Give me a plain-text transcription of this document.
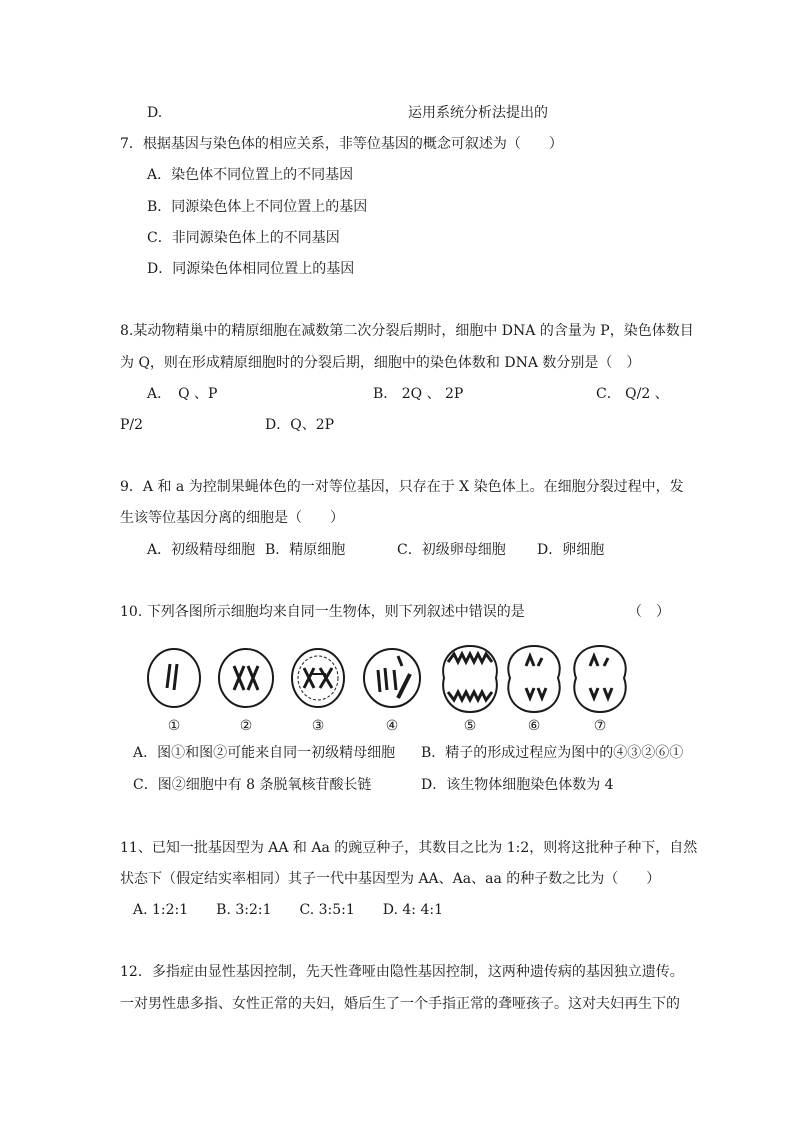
D.	运用系统分析法提出的
7．根据基因与染色体的相应关系，非等位基因的概念可叙述为（　　）
A．染色体不同位置上的不同基因
B．同源染色体上不同位置上的基因
C．非同源染色体上的不同基因
D．同源染色体相同位置上的基因
8.某动物精巢中的精原细胞在减数第二次分裂后期时，细胞中 DNA 的含量为 P，染色体数目
为 Q，则在形成精原细胞时的分裂后期，细胞中的染色体数和 DNA 数分别是（　）
A．　Q 、P	B． 2Q 、 2P	C． Q/2 、
P/2	D．Q、2P
9．A 和 a 为控制果蝇体色的一对等位基因，只存在于 X 染色体上。在细胞分裂过程中，发
生该等位基因分离的细胞是（　　）
A．初级精母细胞 B．精原细胞	C．初级卵母细胞 D．卵细胞
10. 下列各图所示细胞均来自同一生物体，则下列叙述中错误的是	（　）
①	②	③	④	⑤	⑥	⑦
A．图①和图②可能来自同一初级精母细胞 B．精子的形成过程应为图中的④③②⑥①
C．图②细胞中有 8 条脱氧核苷酸长链	D．该生物体细胞染色体数为 4
11、已知一批基因型为 AA 和 Aa 的豌豆种子，其数目之比为 1:2，则将这批种子种下，自然
状态下（假定结实率相同）其子一代中基因型为 AA、Aa、aa 的种子数之比为（　　）
A. 1:2:1　　B. 3:2:1　　C. 3:5:1　　D. 4: 4:1
12．多指症由显性基因控制，先天性聋哑由隐性基因控制，这两种遗传病的基因独立遗传。
一对男性患多指、女性正常的夫妇，婚后生了一个手指正常的聋哑孩子。这对夫妇再生下的
